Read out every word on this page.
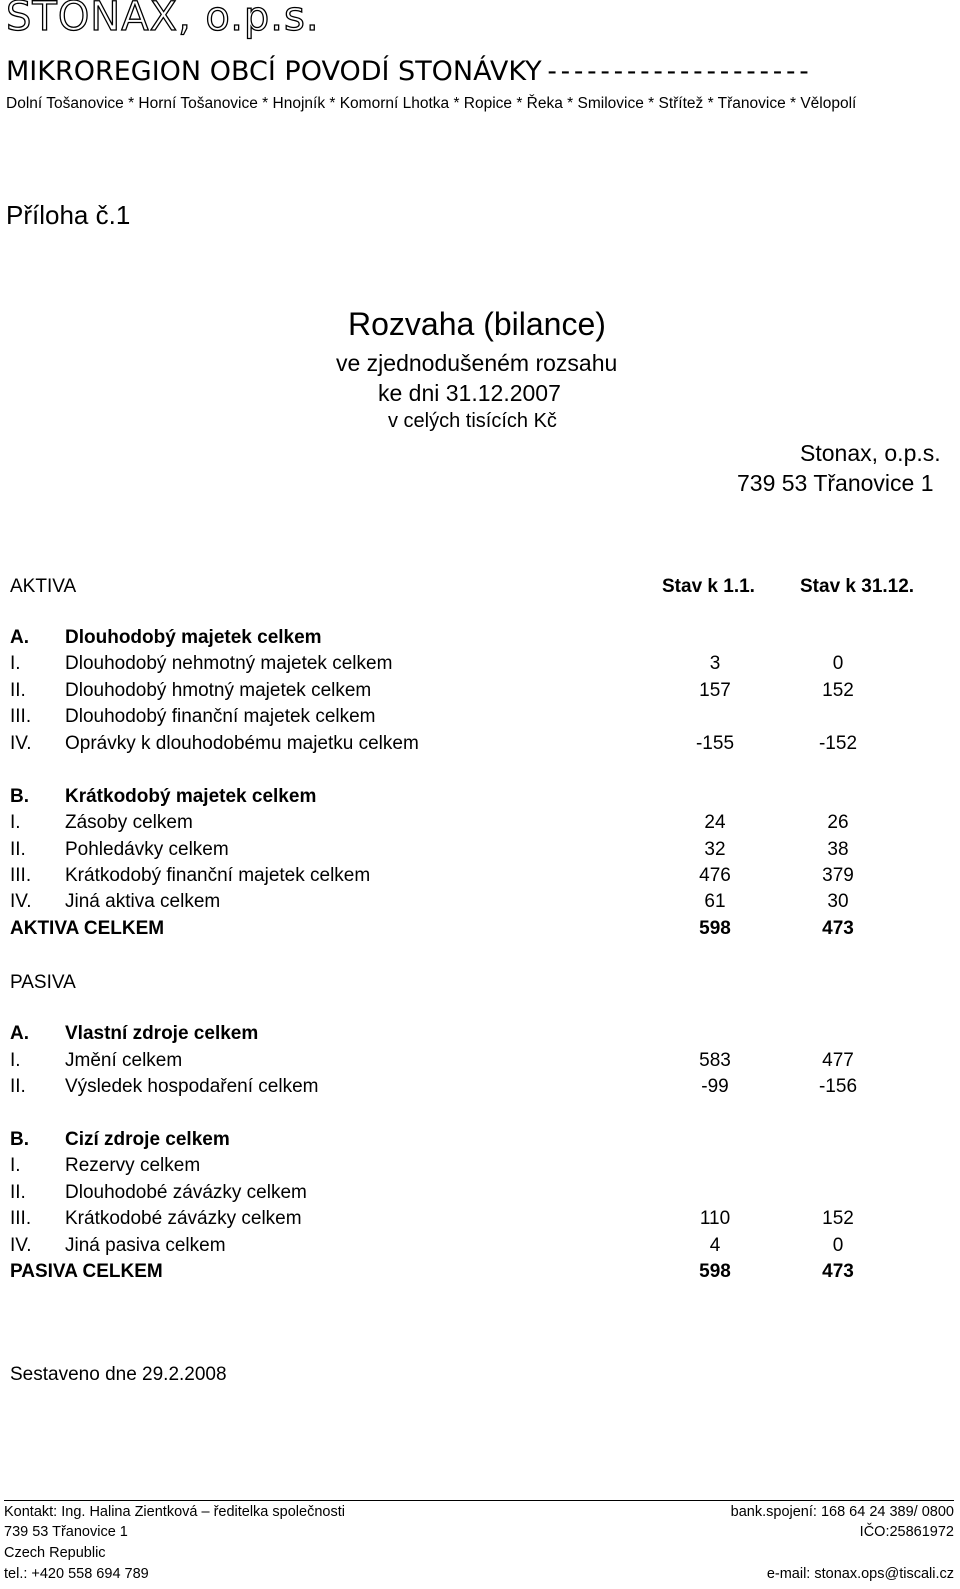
STONAX, o.p.s.
MIKROREGION OBCÍ POVODÍ STONÁVKY --------------------
Dolní Tošanovice * Horní Tošanovice * Hnojník * Komorní Lhotka * Ropice * Řeka * Smilovice * Střítež * Třanovice * Vělopolí
Příloha č.1
Rozvaha (bilance)
ve zjednodušeném rozsahu
ke dni 31.12.2007
v celých tisících Kč
Stonax, o.p.s.
739 53 Třanovice 1
AKTIVA	Stav k 1.1. Stav k 31.12.
A. Dlouhodobý majetek celkem
I. Dlouhodobý nehmotný majetek celkem	3	0
II. Dlouhodobý hmotný majetek celkem	157	152
III. Dlouhodobý finanční majetek celkem
IV. Oprávky k dlouhodobému majetku celkem	-155	-152
B. Krátkodobý majetek celkem
I. Zásoby celkem	24	26
II. Pohledávky celkem	32	38
III. Krátkodobý finanční majetek celkem	476	379
IV. Jiná aktiva celkem	61	30
AKTIVA CELKEM	598	473
PASIVA
A. Vlastní zdroje celkem
I. Jmění celkem	583	477
II. Výsledek hospodaření celkem	-99	-156
B. Cizí zdroje celkem
I. Rezervy celkem
II. Dlouhodobé závázky celkem
III. Krátkodobé závázky celkem	110	152
IV. Jiná pasiva celkem	4	0
PASIVA CELKEM	598	473
Sestaveno dne 29.2.2008
Kontakt: Ing. Halina Zientková – ředitelka společnosti
739 53 Třanovice 1
Czech Republic
tel.: +420 558 694 789
bank.spojení: 168 64 24 389/ 0800
IČO:25861972
e-mail: stonax.ops@tiscali.cz
